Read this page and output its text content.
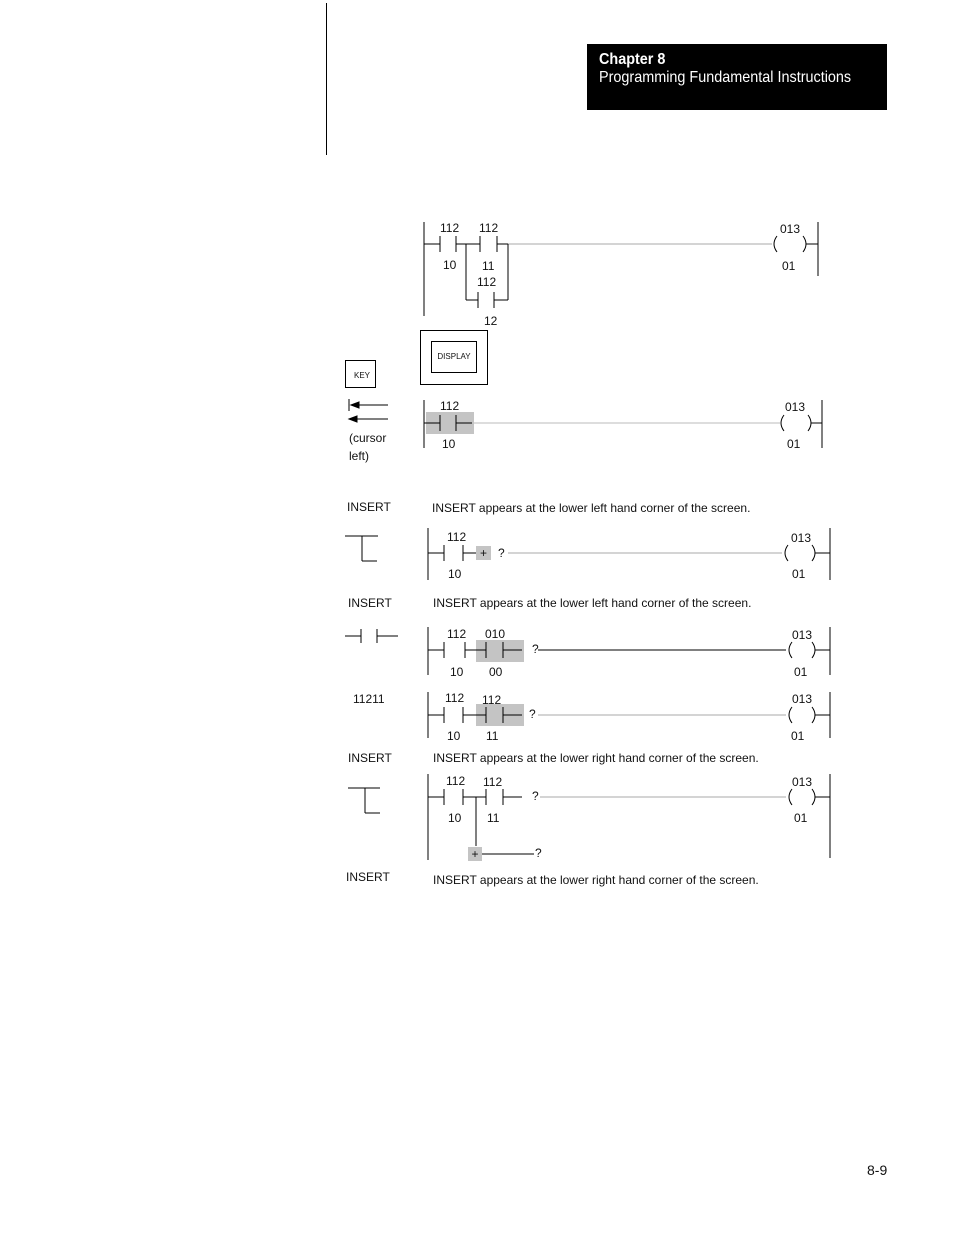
Chapter 8
Programming Fundamental Instructions
112
10
112
11
112
12
013
01
DISPLAY
KEY
112
10
013
01
(cursor
left)
INSERT	INSERT appears at the lower left hand corner of the screen.
112
10
+ ?
013
01
INSERT	INSERT appears at the lower left hand corner of the screen.
112
10
010
00
?
013
01
11211	112
10
112
11
?
013
01
INSERT	INSERT appears at the lower right hand corner of the screen.
112
10
112
11
?
013
01
+	?
INSERT	INSERT appears at the lower right hand corner of the screen.
8-9
